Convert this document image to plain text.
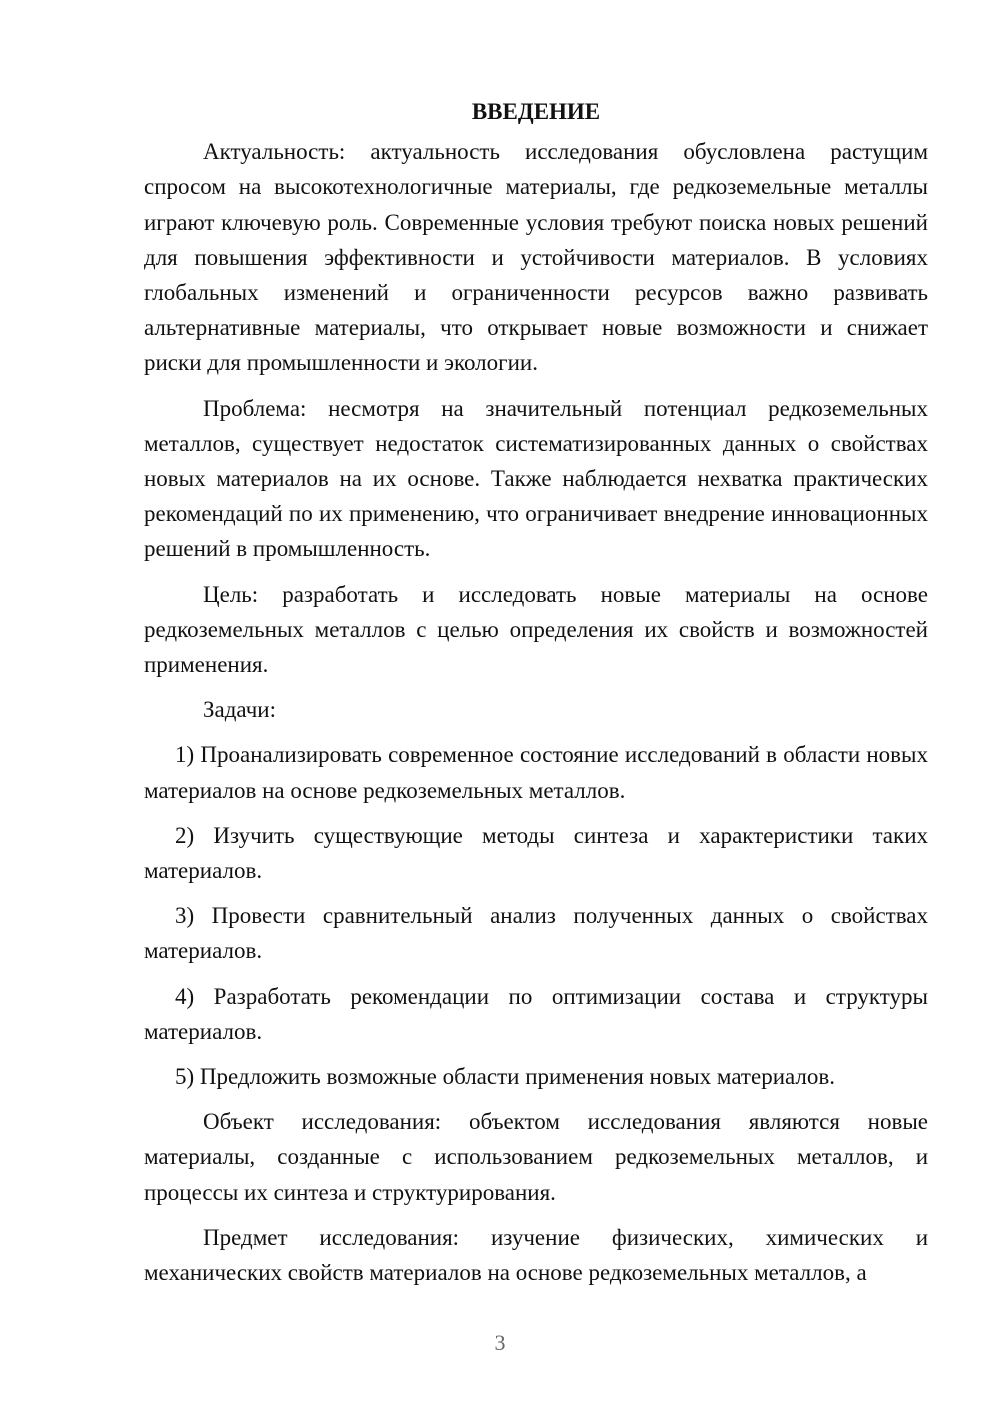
ВВЕДЕНИЕ

Актуальность: актуальность исследования обусловлена растущим спросом на высокотехнологичные материалы, где редкоземельные металлы играют ключевую роль. Современные условия требуют поиска новых решений для повышения эффективности и устойчивости материалов. В условиях глобальных изменений и ограниченности ресурсов важно развивать альтернативные материалы, что открывает новые возможности и снижает риски для промышленности и экологии.

Проблема: несмотря на значительный потенциал редкоземельных металлов, существует недостаток систематизированных данных о свойствах новых материалов на их основе. Также наблюдается нехватка практических рекомендаций по их применению, что ограничивает внедрение инновационных решений в промышленность.

Цель: разработать и исследовать новые материалы на основе редкоземельных металлов с целью определения их свойств и возможностей применения.

Задачи:

1) Проанализировать современное состояние исследований в области новых материалов на основе редкоземельных металлов.

2) Изучить существующие методы синтеза и характеристики таких материалов.

3) Провести сравнительный анализ полученных данных о свойствах материалов.

4) Разработать рекомендации по оптимизации состава и структуры материалов.

5) Предложить возможные области применения новых материалов.

Объект исследования: объектом исследования являются новые материалы, созданные с использованием редкоземельных металлов, и процессы их синтеза и структурирования.

Предмет исследования: изучение физических, химических и механических свойств материалов на основе редкоземельных металлов, а

3
